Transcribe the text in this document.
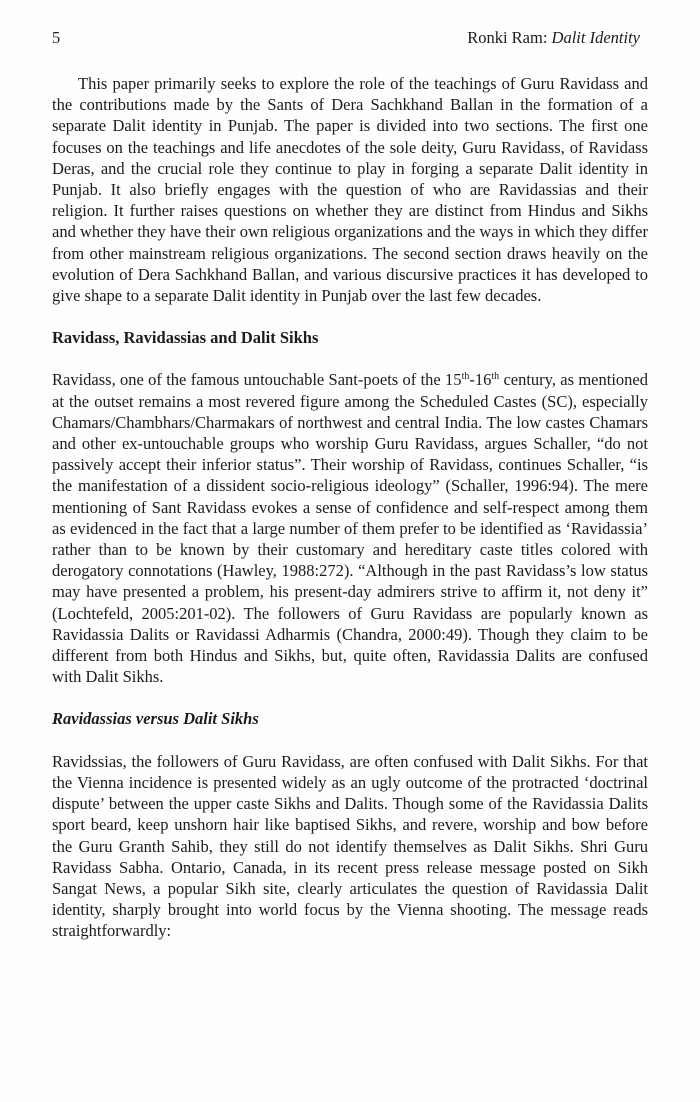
5	Ronki Ram: Dalit Identity

This paper primarily seeks to explore the role of the teachings of Guru Ravidass and the contributions made by the Sants of Dera Sachkhand Ballan in the formation of a separate Dalit identity in Punjab. The paper is divided into two sections. The first one focuses on the teachings and life anecdotes of the sole deity, Guru Ravidass, of Ravidass Deras, and the crucial role they continue to play in forging a separate Dalit identity in Punjab. It also briefly engages with the question of who are Ravidassias and their religion. It further raises questions on whether they are distinct from Hindus and Sikhs and whether they have their own religious organizations and the ways in which they differ from other mainstream religious organizations. The second section draws heavily on the evolution of Dera Sachkhand Ballan, and various discursive practices it has developed to give shape to a separate Dalit identity in Punjab over the last few decades.

Ravidass, Ravidassias and Dalit Sikhs

Ravidass, one of the famous untouchable Sant-poets of the 15th-16th century, as mentioned at the outset remains a most revered figure among the Scheduled Castes (SC), especially Chamars/Chambhars/Charmakars of northwest and central India. The low castes Chamars and other ex-untouchable groups who worship Guru Ravidass, argues Schaller, “do not passively accept their inferior status”. Their worship of Ravidass, continues Schaller, “is the manifestation of a dissident socio-religious ideology” (Schaller, 1996:94). The mere mentioning of Sant Ravidass evokes a sense of confidence and self-respect among them as evidenced in the fact that a large number of them prefer to be identified as ‘Ravidassia’ rather than to be known by their customary and hereditary caste titles colored with derogatory connotations (Hawley, 1988:272). “Although in the past Ravidass’s low status may have presented a problem, his present-day admirers strive to affirm it, not deny it” (Lochtefeld, 2005:201-02). The followers of Guru Ravidass are popularly known as Ravidassia Dalits or Ravidassi Adharmis (Chandra, 2000:49). Though they claim to be different from both Hindus and Sikhs, but, quite often, Ravidassia Dalits are confused with Dalit Sikhs.

Ravidassias versus Dalit Sikhs

Ravidssias, the followers of Guru Ravidass, are often confused with Dalit Sikhs. For that the Vienna incidence is presented widely as an ugly outcome of the protracted ‘doctrinal dispute’ between the upper caste Sikhs and Dalits. Though some of the Ravidassia Dalits sport beard, keep unshorn hair like baptised Sikhs, and revere, worship and bow before the Guru Granth Sahib, they still do not identify themselves as Dalit Sikhs. Shri Guru Ravidass Sabha. Ontario, Canada, in its recent press release message posted on Sikh Sangat News, a popular Sikh site, clearly articulates the question of Ravidassia Dalit identity, sharply brought into world focus by the Vienna shooting. The message reads straightforwardly:
